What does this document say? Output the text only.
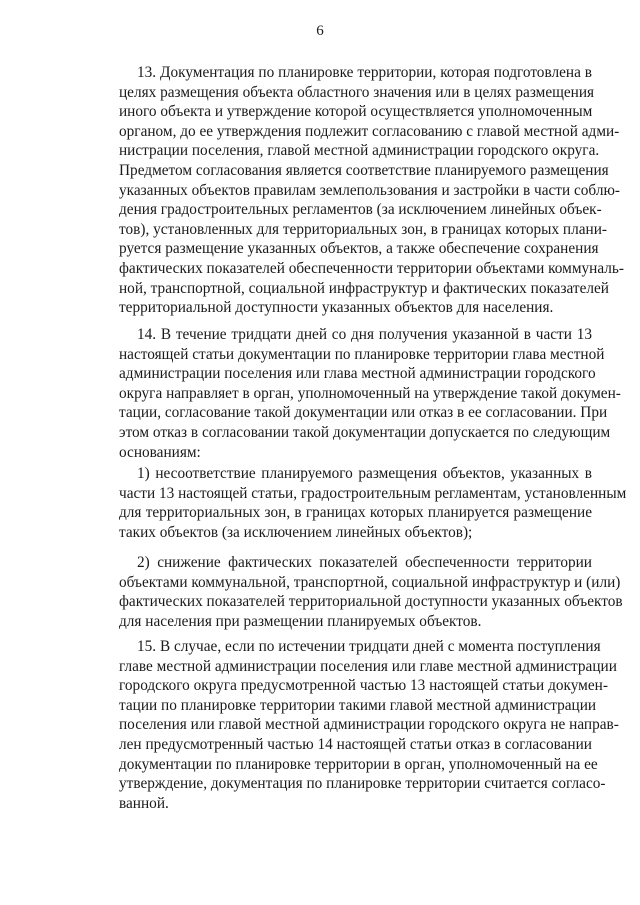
6
13. Документация по планировке территории, которая подготовлена в
целях размещения объекта областного значения или в целях размещения
иного объекта и утверждение которой осуществляется уполномоченным
органом, до ее утверждения подлежит согласованию с главой местной адми-
нистрации поселения, главой местной администрации городского округа.
Предметом согласования является соответствие планируемого размещения
указанных объектов правилам землепользования и застройки в части соблю-
дения градостроительных регламентов (за исключением линейных объек-
тов), установленных для территориальных зон, в границах которых плани-
руется размещение указанных объектов, а также обеспечение сохранения
фактических показателей обеспеченности территории объектами коммуналь-
ной, транспортной, социальной инфраструктур и фактических показателей
территориальной доступности указанных объектов для населения.
14. В течение тридцати дней со дня получения указанной в части 13
настоящей статьи документации по планировке территории глава местной
администрации поселения или глава местной администрации городского
округа направляет в орган, уполномоченный на утверждение такой докумен-
тации, согласование такой документации или отказ в ее согласовании. При
этом отказ в согласовании такой документации допускается по следующим
основаниям:
1) несоответствие планируемого размещения объектов, указанных в
части 13 настоящей статьи, градостроительным регламентам, установленным
для территориальных зон, в границах которых планируется размещение
таких объектов (за исключением линейных объектов);
2) снижение фактических показателей обеспеченности территории
объектами коммунальной, транспортной, социальной инфраструктур и (или)
фактических показателей территориальной доступности указанных объектов
для населения при размещении планируемых объектов.
15. В случае, если по истечении тридцати дней с момента поступления
главе местной администрации поселения или главе местной администрации
городского округа предусмотренной частью 13 настоящей статьи докумен-
тации по планировке территории такими главой местной администрации
поселения или главой местной администрации городского округа не направ-
лен предусмотренный частью 14 настоящей статьи отказ в согласовании
документации по планировке территории в орган, уполномоченный на ее
утверждение, документация по планировке территории считается согласо-
ванной.
